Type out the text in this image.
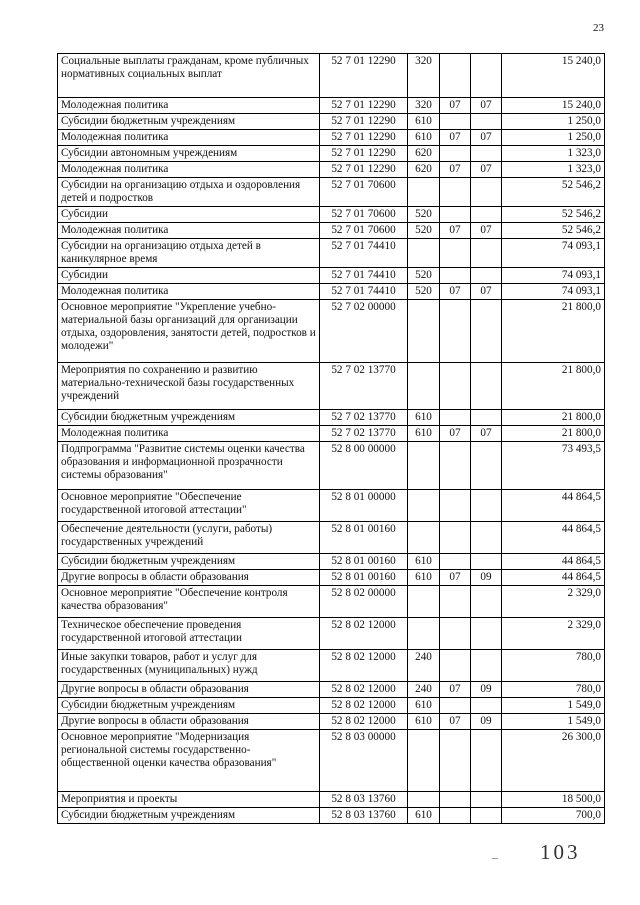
23
Социальные выплаты гражданам, кроме публичных нормативных социальных выплат	52 7 01 12290	320			15 240,0
Молодежная политика	52 7 01 12290	320	07	07	15 240,0
Субсидии бюджетным учреждениям	52 7 01 12290	610			1 250,0
Молодежная политика	52 7 01 12290	610	07	07	1 250,0
Субсидии автономным учреждениям	52 7 01 12290	620			1 323,0
Молодежная политика	52 7 01 12290	620	07	07	1 323,0
Субсидии на организацию отдыха и оздоровления детей и подростков	52 7 01 70600				52 546,2
Субсидии	52 7 01 70600	520			52 546,2
Молодежная политика	52 7 01 70600	520	07	07	52 546,2
Субсидии на организацию отдыха детей в каникулярное время	52 7 01 74410				74 093,1
Субсидии	52 7 01 74410	520			74 093,1
Молодежная политика	52 7 01 74410	520	07	07	74 093,1
Основное мероприятие "Укрепление учебно-материальной базы организаций для организации отдыха, оздоровления, занятости детей, подростков и молодежи"	52 7 02 00000				21 800,0
Мероприятия по сохранению и развитию материально-технической базы государственных учреждений	52 7 02 13770				21 800,0
Субсидии бюджетным учреждениям	52 7 02 13770	610			21 800,0
Молодежная политика	52 7 02 13770	610	07	07	21 800,0
Подпрограмма "Развитие системы оценки качества образования и информационной прозрачности системы образования"	52 8 00 00000				73 493,5
Основное мероприятие "Обеспечение государственной итоговой аттестации"	52 8 01 00000				44 864,5
Обеспечение деятельности (услуги, работы) государственных учреждений	52 8 01 00160				44 864,5
Субсидии бюджетным учреждениям	52 8 01 00160	610			44 864,5
Другие вопросы в области образования	52 8 01 00160	610	07	09	44 864,5
Основное мероприятие "Обеспечение контроля качества образования"	52 8 02 00000				2 329,0
Техническое обеспечение проведения государственной итоговой аттестации	52 8 02 12000				2 329,0
Иные закупки товаров, работ и услуг для государственных (муниципальных) нужд	52 8 02 12000	240			780,0
Другие вопросы в области образования	52 8 02 12000	240	07	09	780,0
Субсидии бюджетным учреждениям	52 8 02 12000	610			1 549,0
Другие вопросы в области образования	52 8 02 12000	610	07	09	1 549,0
Основное мероприятие "Модернизация региональной системы государственно-общественной оценки качества образования"	52 8 03 00000				26 300,0
Мероприятия и проекты	52 8 03 13760				18 500,0
Субсидии бюджетным учреждениям	52 8 03 13760	610			700,0
– 103
